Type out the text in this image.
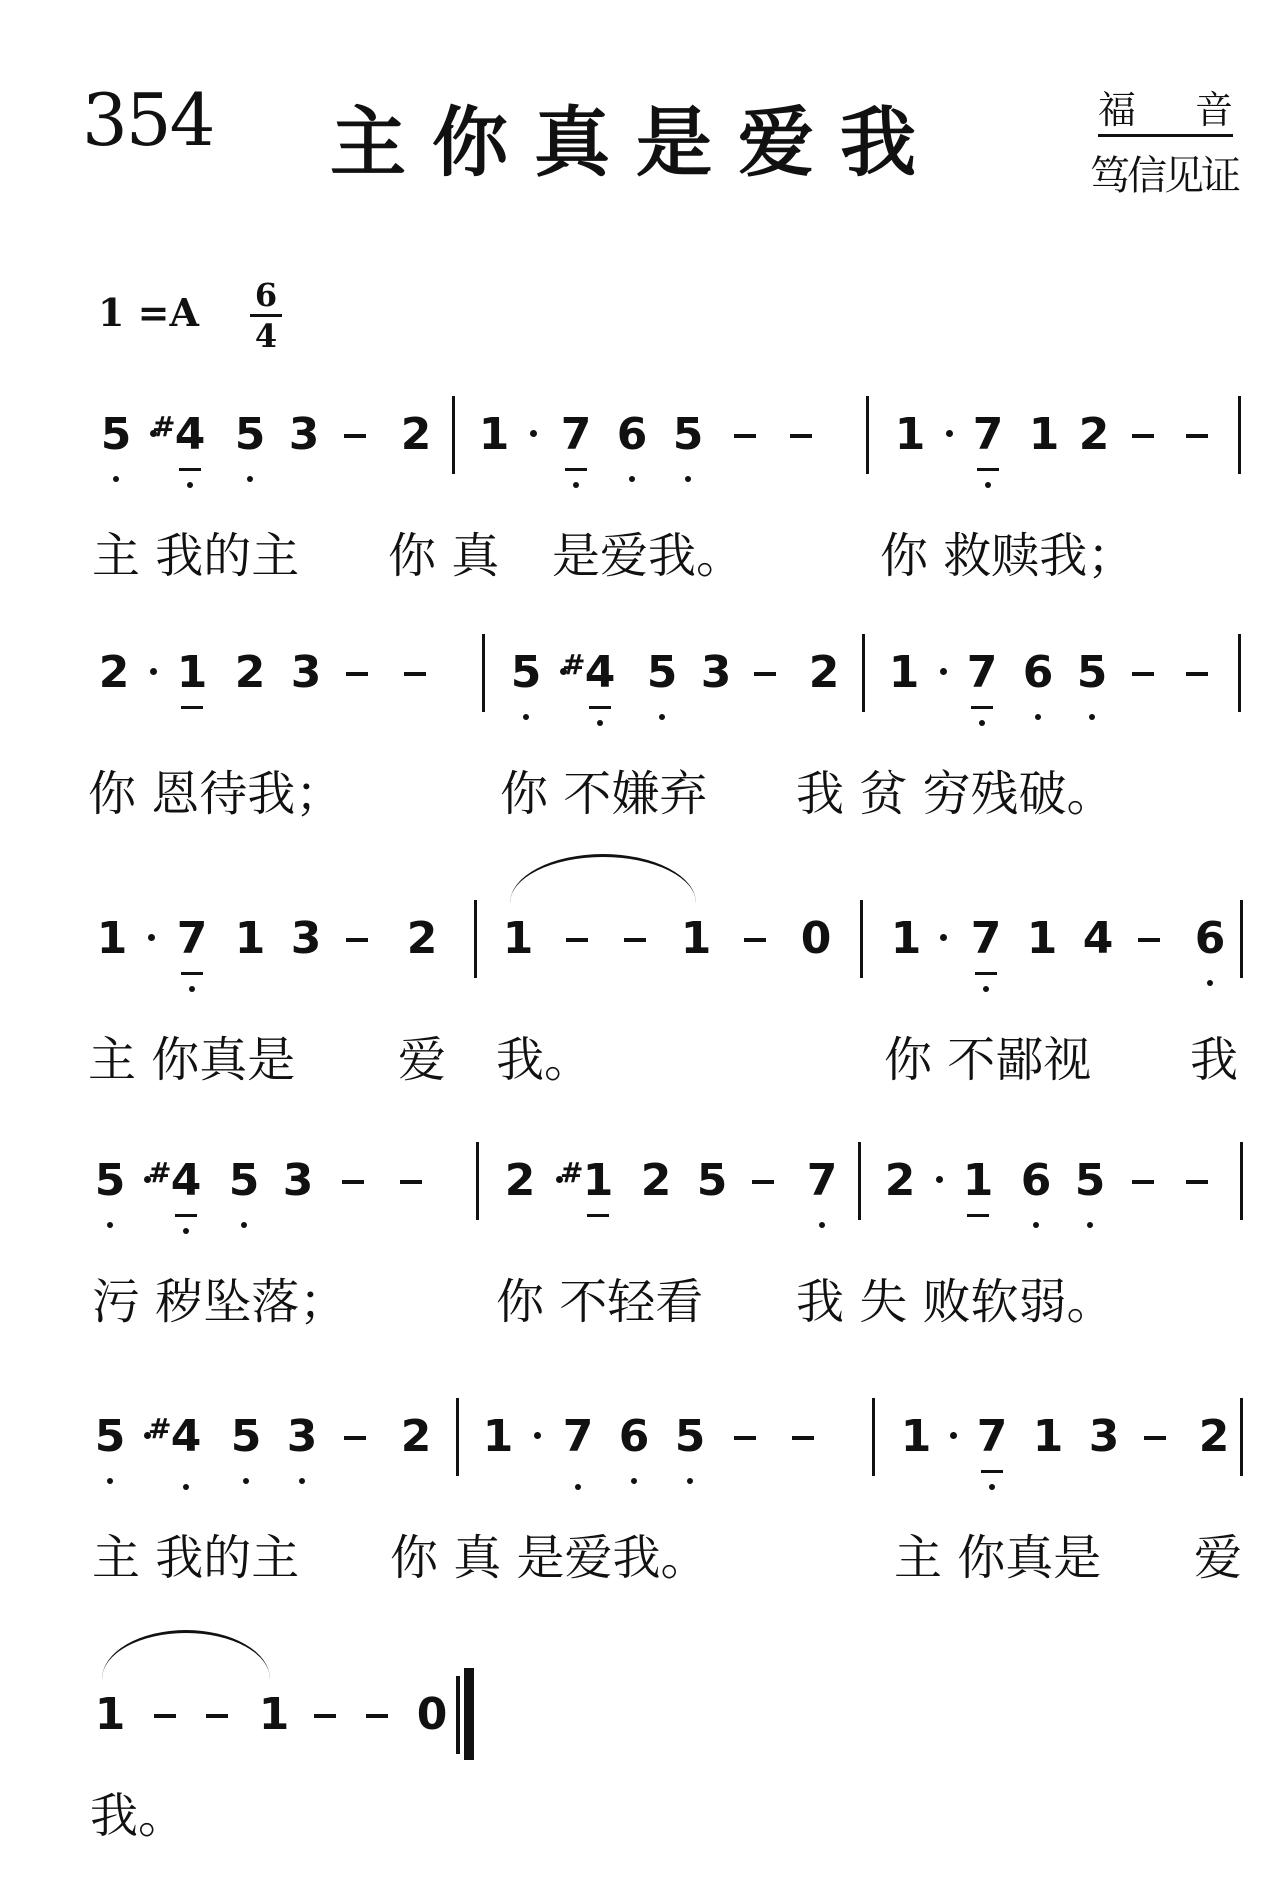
354 主你真是爱我	福 音
笃信见证
1 =A 6
4
5 # 4 5 3 2 1 7 6 5	1 7 1 2
主 我的主 你 真 是爱我。	你 救赎我；
2 1 2 3	5 # 4 5 3 2 1 7 6 5
你 恩待我；	你 不嫌弃 我 贫 穷残破。
1 7 1 3 2 1	1 0 1 7 1 4 6
主 你真是 爱 我。	你 不鄙视 我
5 # 4 5 3	2 # 1 2 5 7 2 1 6 5
污 秽坠落；	你 不轻看 我 失 败软弱。
5 # 4 5 3 2 1 7 6 5	1 7 1 3 2
主 我的主 你 真 是爱我。	主 你真是 爱
1	1	0
我。
